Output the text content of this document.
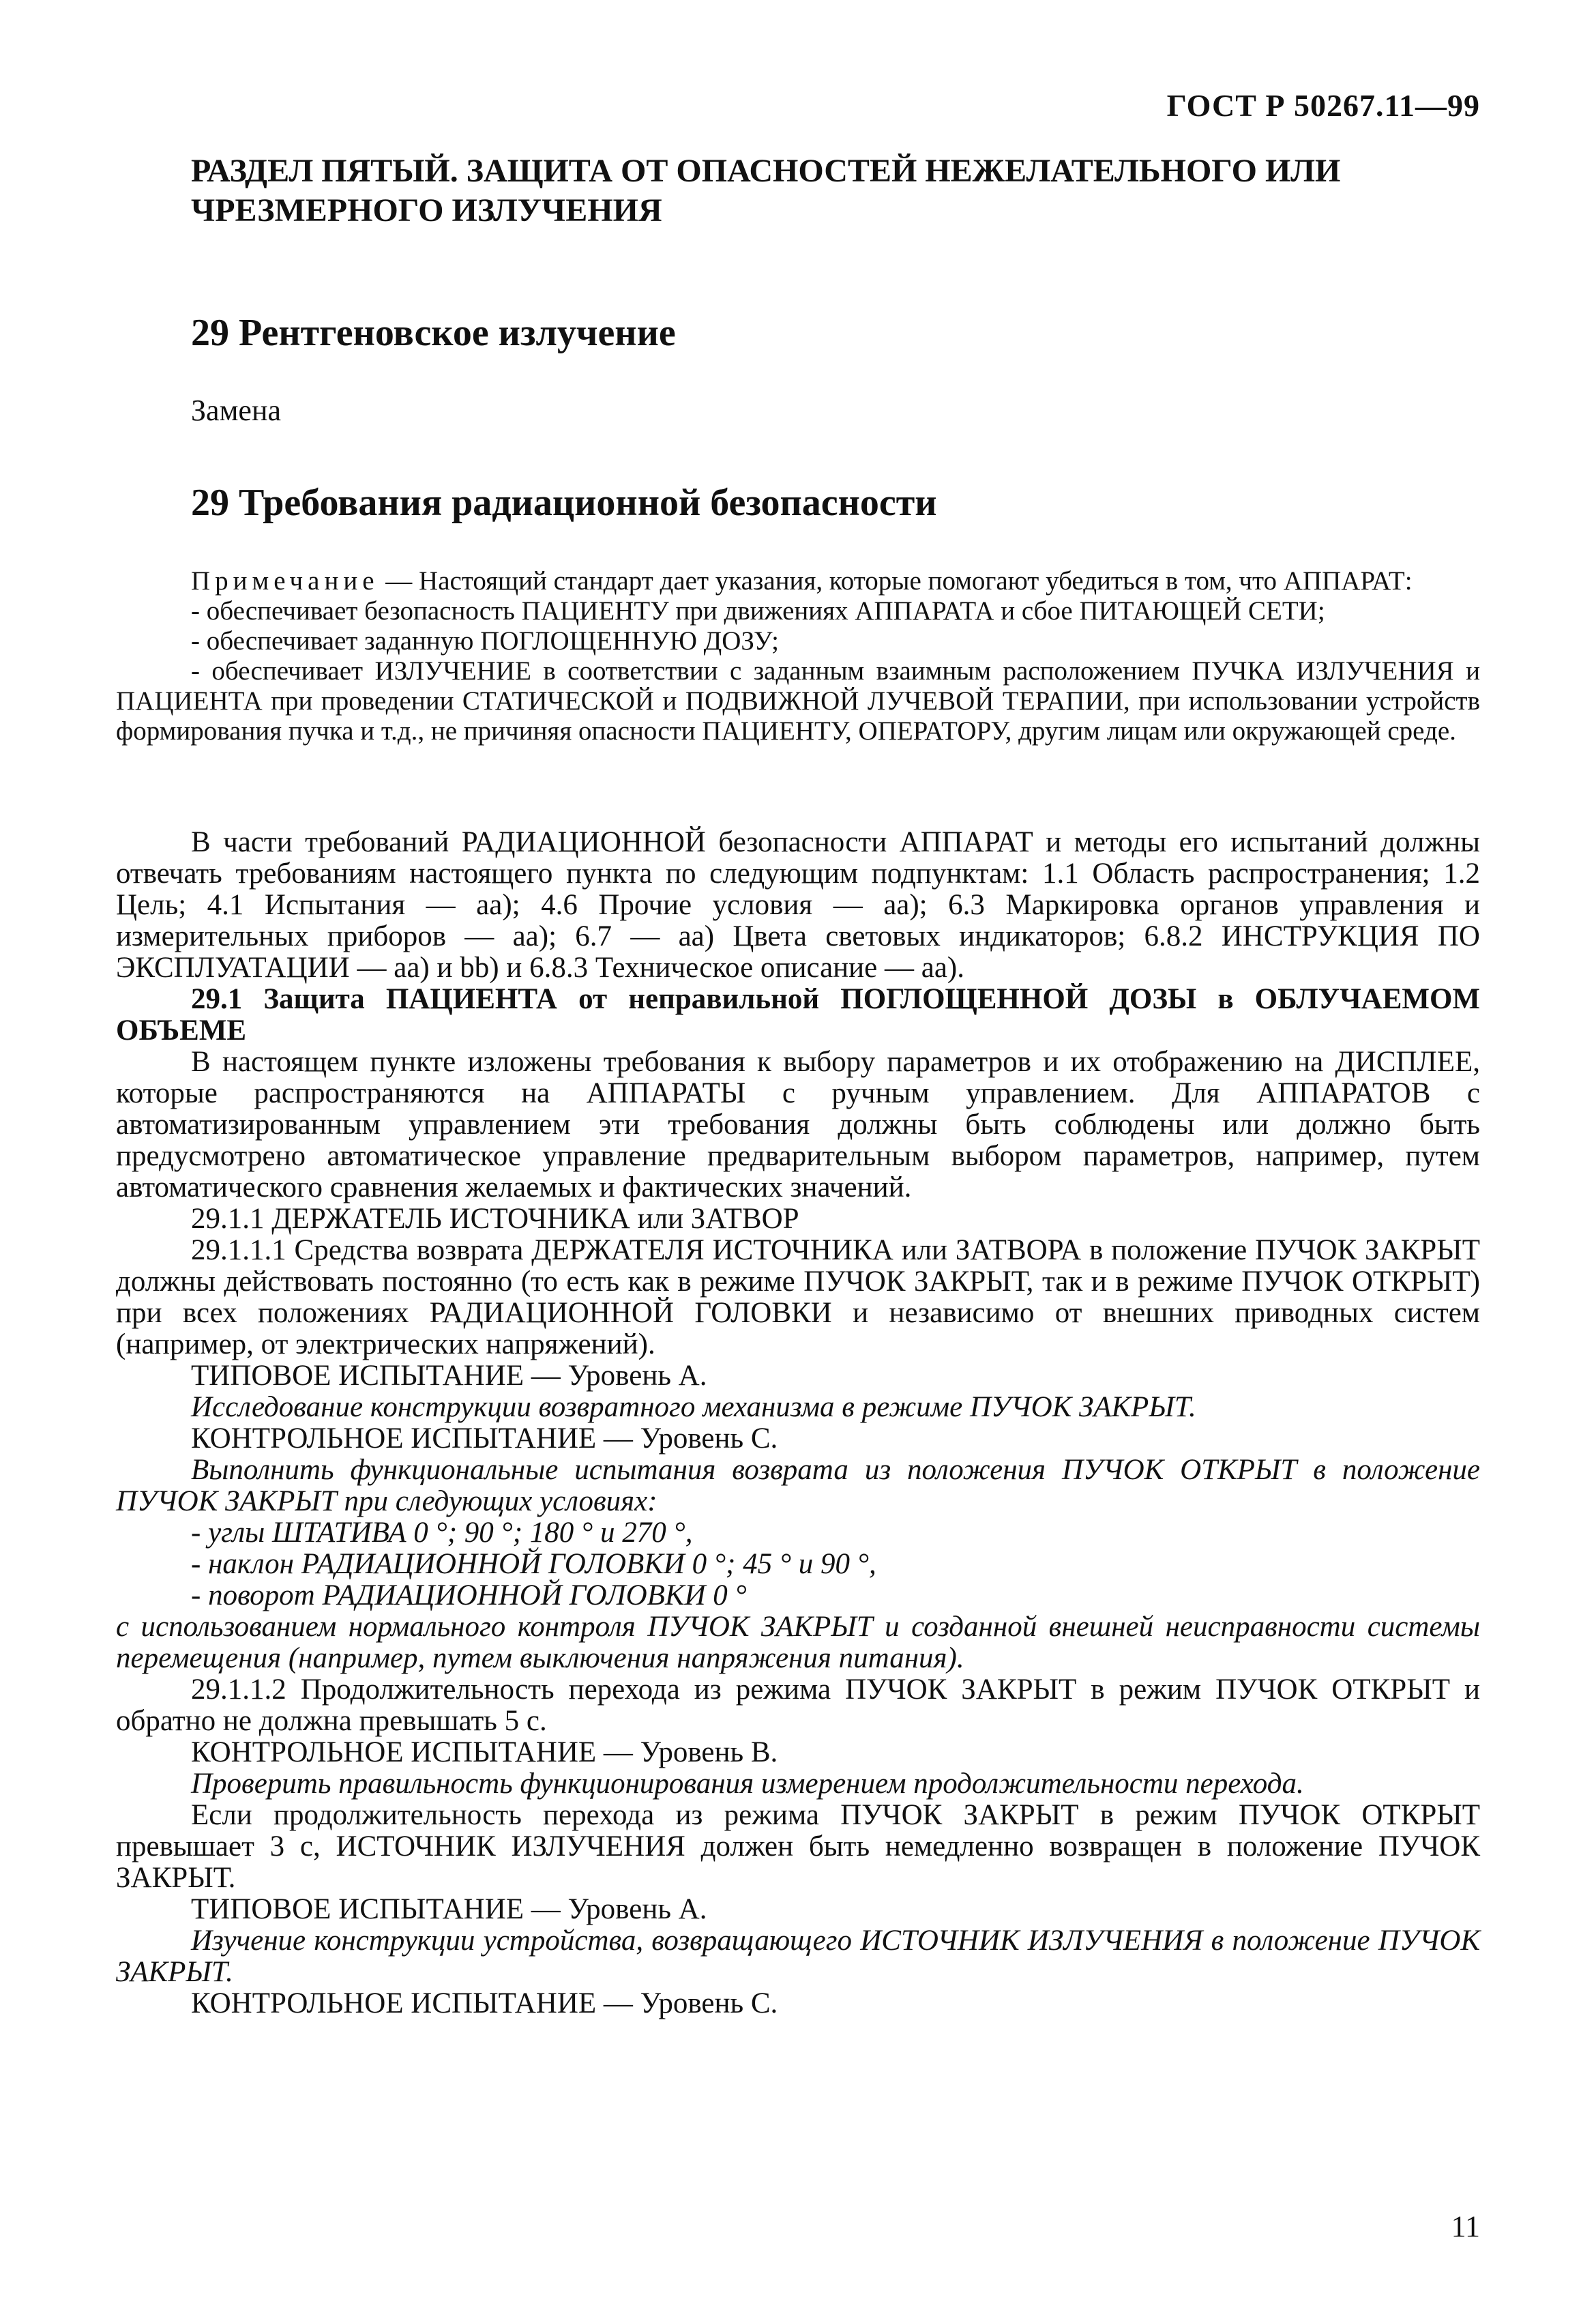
ГОСТ Р 50267.11—99
РАЗДЕЛ ПЯТЫЙ. ЗАЩИТА ОТ ОПАСНОСТЕЙ НЕЖЕЛАТЕЛЬНОГО ИЛИ ЧРЕЗМЕРНОГО ИЗЛУЧЕНИЯ
29 Рентгеновское излучение
Замена
29 Требования радиационной безопасности

Примечание — Настоящий стандарт дает указания, которые помогают убедиться в том, что АППАРАТ:

- обеспечивает безопасность ПАЦИЕНТУ при движениях АППАРАТА и сбое ПИТАЮЩЕЙ СЕТИ;

- обеспечивает заданную ПОГЛОЩЕННУЮ ДОЗУ;

- обеспечивает ИЗЛУЧЕНИЕ в соответствии с заданным взаимным расположением ПУЧКА ИЗЛУЧЕНИЯ и ПАЦИЕНТА при проведении СТАТИЧЕСКОЙ и ПОДВИЖНОЙ ЛУЧЕВОЙ ТЕРАПИИ, при использовании устройств формирования пучка и т.д., не причиняя опасности ПАЦИЕНТУ, ОПЕРАТОРУ, другим лицам или окружающей среде.

В части требований РАДИАЦИОННОЙ безопасности АППАРАТ и методы его испытаний должны отвечать требованиям настоящего пункта по следующим подпунктам: 1.1 Область распространения; 1.2 Цель; 4.1 Испытания — аа); 4.6 Прочие условия — аа); 6.3 Маркировка органов управления и измерительных приборов — аа); 6.7 — аа) Цвета световых индикаторов; 6.8.2 ИНСТРУКЦИЯ ПО ЭКСПЛУАТАЦИИ — аа) и bb) и 6.8.3 Техническое описание — аа).

29.1 Защита ПАЦИЕНТА от неправильной ПОГЛОЩЕННОЙ ДОЗЫ в ОБЛУЧАЕМОМ ОБЪЕМЕ

В настоящем пункте изложены требования к выбору параметров и их отображению на ДИСПЛЕЕ, которые распространяются на АППАРАТЫ с ручным управлением. Для АППАРАТОВ с автоматизированным управлением эти требования должны быть соблюдены или должно быть предусмотрено автоматическое управление предварительным выбором параметров, например, путем автоматического сравнения желаемых и фактических значений.

29.1.1 ДЕРЖАТЕЛЬ ИСТОЧНИКА или ЗАТВОР

29.1.1.1 Средства возврата ДЕРЖАТЕЛЯ ИСТОЧНИКА или ЗАТВОРА в положение ПУЧОК ЗАКРЫТ должны действовать постоянно (то есть как в режиме ПУЧОК ЗАКРЫТ, так и в режиме ПУЧОК ОТКРЫТ) при всех положениях РАДИАЦИОННОЙ ГОЛОВКИ и независимо от внешних приводных систем (например, от электрических напряжений).

ТИПОВОЕ ИСПЫТАНИЕ — Уровень А.

Исследование конструкции возвратного механизма в режиме ПУЧОК ЗАКРЫТ.

КОНТРОЛЬНОЕ ИСПЫТАНИЕ — Уровень С.

Выполнить функциональные испытания возврата из положения ПУЧОК ОТКРЫТ в положение ПУЧОК ЗАКРЫТ при следующих условиях:

- углы ШТАТИВА 0 °; 90 °; 180 ° и 270 °,

- наклон РАДИАЦИОННОЙ ГОЛОВКИ 0 °; 45 ° и 90 °,

- поворот РАДИАЦИОННОЙ ГОЛОВКИ 0 °

с использованием нормального контроля ПУЧОК ЗАКРЫТ и созданной внешней неисправности системы перемещения (например, путем выключения напряжения питания).

29.1.1.2 Продолжительность перехода из режима ПУЧОК ЗАКРЫТ в режим ПУЧОК ОТКРЫТ и обратно не должна превышать 5 с.

КОНТРОЛЬНОЕ ИСПЫТАНИЕ — Уровень В.

Проверить правильность функционирования измерением продолжительности перехода.

Если продолжительность перехода из режима ПУЧОК ЗАКРЫТ в режим ПУЧОК ОТКРЫТ превышает 3 с, ИСТОЧНИК ИЗЛУЧЕНИЯ должен быть немедленно возвращен в положение ПУЧОК ЗАКРЫТ.

ТИПОВОЕ ИСПЫТАНИЕ — Уровень А.

Изучение конструкции устройства, возвращающего ИСТОЧНИК ИЗЛУЧЕНИЯ в положение ПУЧОК ЗАКРЫТ.

КОНТРОЛЬНОЕ ИСПЫТАНИЕ — Уровень С.

11
